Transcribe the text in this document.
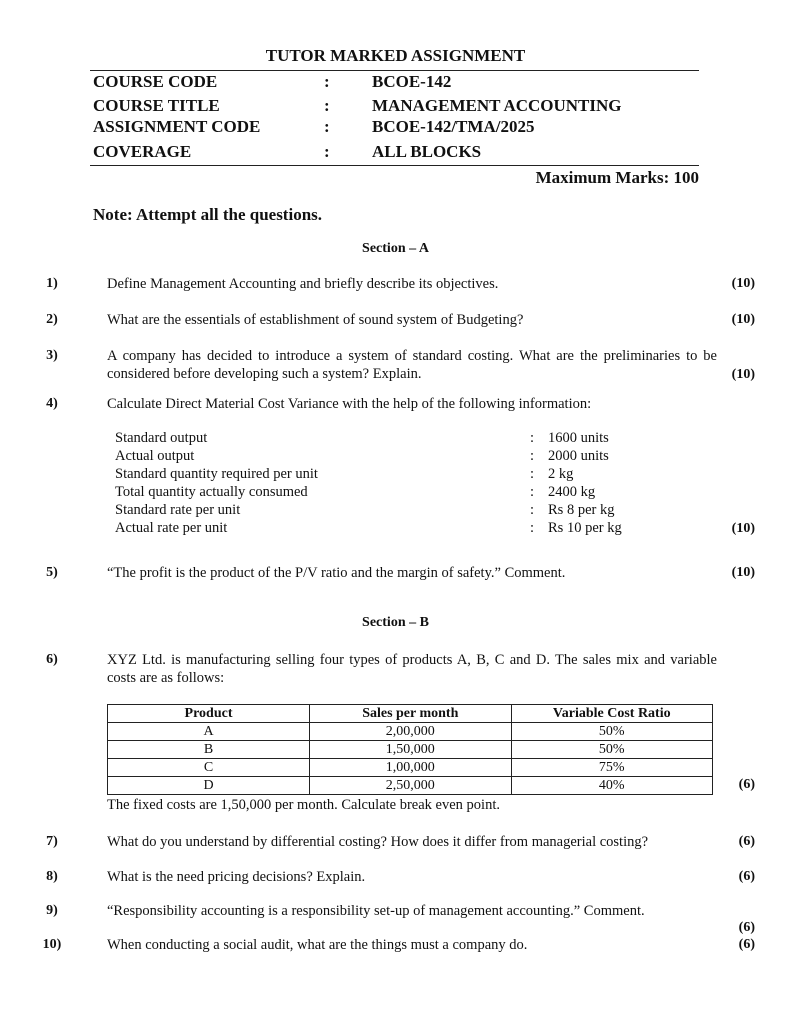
TUTOR MARKED ASSIGNMENT
COURSE CODE	: BCOE-142
COURSE TITLE	: MANAGEMENT ACCOUNTING
ASSIGNMENT CODE	: BCOE-142/TMA/2025
COVERAGE	: ALL BLOCKS
Maximum Marks: 100
Note: Attempt all the questions.
Section – A
1)	Define Management Accounting and briefly describe its objectives.	(10)
2)	What are the essentials of establishment of sound system of Budgeting?	(10)
3)	A company has decided to introduce a system of standard costing. What are the preliminaries to be considered before developing such a system? Explain.	(10)
4)	Calculate Direct Material Cost Variance with the help of the following information:
Standard output	: 1600 units
Actual output	: 2000 units
Standard quantity required per unit	: 2 kg
Total quantity actually consumed	: 2400 kg
Standard rate per unit	: Rs 8 per kg
Actual rate per unit	: Rs 10 per kg	(10)
5)	“The profit is the product of the P/V ratio and the margin of safety.” Comment.	(10)
Section – B
6)	XYZ Ltd. is manufacturing selling four types of products A, B, C and D. The sales mix and variable costs are as follows:
Product	Sales per month	Variable Cost Ratio
A	2,00,000	50%
B	1,50,000	50%
C	1,00,000	75%
D	2,50,000	40%
The fixed costs are 1,50,000 per month. Calculate break even point.
(6)
7)	What do you understand by differential costing? How does it differ from managerial costing?	(6)
8)	What is the need pricing decisions? Explain.	(6)
9)	“Responsibility accounting is a responsibility set-up of management accounting.” Comment.
(6)
10)	When conducting a social audit, what are the things must a company do.	(6)
